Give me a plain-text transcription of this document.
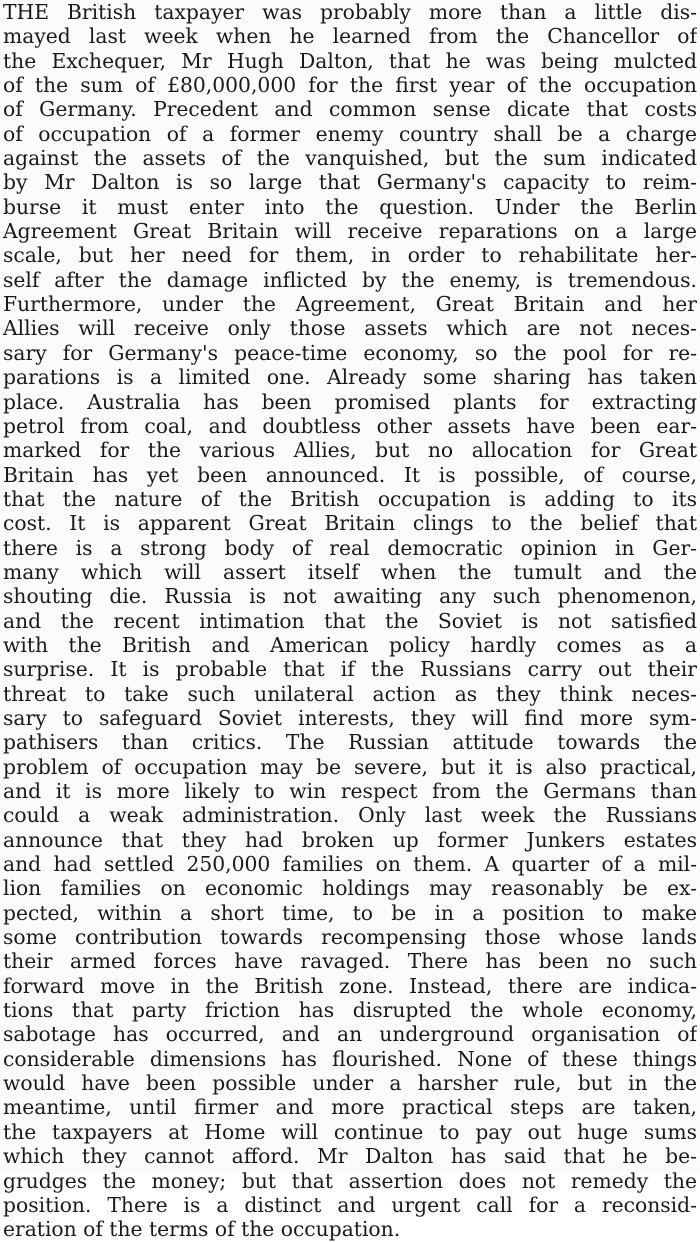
THE British taxpayer was probably more than a little dis-
mayed last week when he learned from the Chancellor of
the Exchequer, Mr Hugh Dalton, that he was being mulcted
of the sum of £80,000,000 for the first year of the occupation
of Germany. Precedent and common sense dicate that costs
of occupation of a former enemy country shall be a charge
against the assets of the vanquished, but the sum indicated
by Mr Dalton is so large that Germany's capacity to reim-
burse it must enter into the question. Under the Berlin
Agreement Great Britain will receive reparations on a large
scale, but her need for them, in order to rehabilitate her-
self after the damage inflicted by the enemy, is tremendous.
Furthermore, under the Agreement, Great Britain and her
Allies will receive only those assets which are not neces-
sary for Germany's peace-time economy, so the pool for re-
parations is a limited one. Already some sharing has taken
place. Australia has been promised plants for extracting
petrol from coal, and doubtless other assets have been ear-
marked for the various Allies, but no allocation for Great
Britain has yet been announced. It is possible, of course,
that the nature of the British occupation is adding to its
cost. It is apparent Great Britain clings to the belief that
there is a strong body of real democratic opinion in Ger-
many which will assert itself when the tumult and the
shouting die. Russia is not awaiting any such phenomenon,
and the recent intimation that the Soviet is not satisfied
with the British and American policy hardly comes as a
surprise. It is probable that if the Russians carry out their
threat to take such unilateral action as they think neces-
sary to safeguard Soviet interests, they will find more sym-
pathisers than critics. The Russian attitude towards the
problem of occupation may be severe, but it is also practical,
and it is more likely to win respect from the Germans than
could a weak administration. Only last week the Russians
announce that they had broken up former Junkers estates
and had settled 250,000 families on them. A quarter of a mil-
lion families on economic holdings may reasonably be ex-
pected, within a short time, to be in a position to make
some contribution towards recompensing those whose lands
their armed forces have ravaged. There has been no such
forward move in the British zone. Instead, there are indica-
tions that party friction has disrupted the whole economy,
sabotage has occurred, and an underground organisation of
considerable dimensions has flourished. None of these things
would have been possible under a harsher rule, but in the
meantime, until firmer and more practical steps are taken,
the taxpayers at Home will continue to pay out huge sums
which they cannot afford. Mr Dalton has said that he be-
grudges the money; but that assertion does not remedy the
position. There is a distinct and urgent call for a reconsid-
eration of the terms of the occupation.
